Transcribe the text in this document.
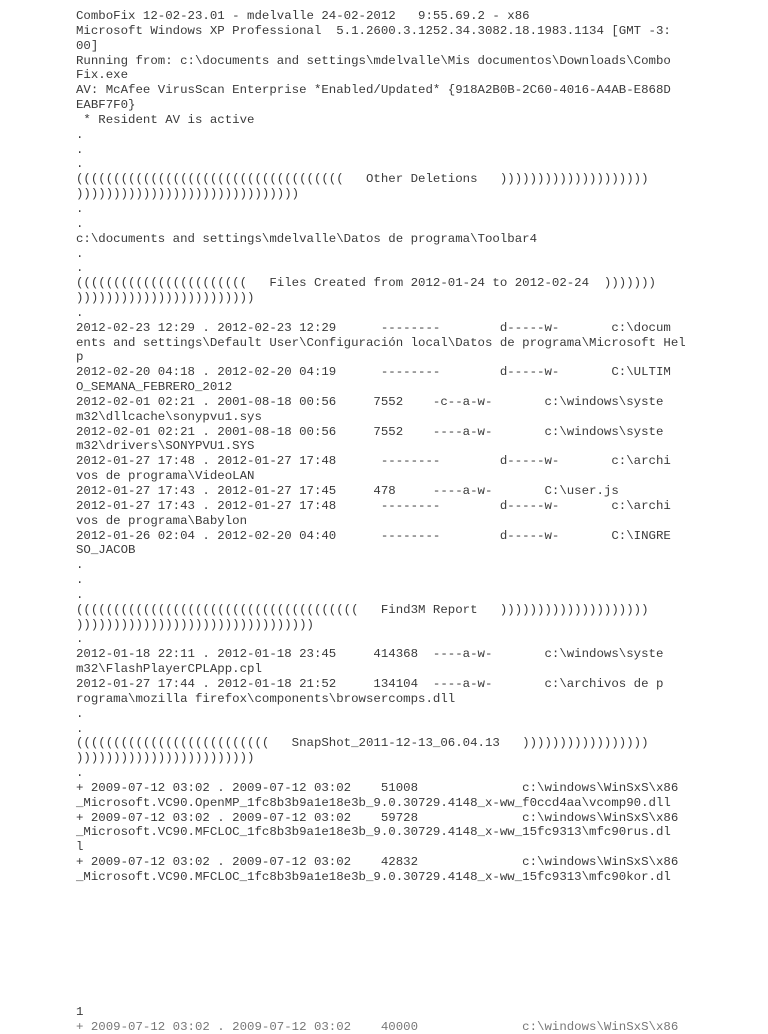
ComboFix 12-02-23.01 - mdelvalle 24-02-2012   9:55.69.2 - x86
Microsoft Windows XP Professional  5.1.2600.3.1252.34.3082.18.1983.1134 [GMT -3:
00]
Running from: c:\documents and settings\mdelvalle\Mis documentos\Downloads\Combo
Fix.exe
AV: McAfee VirusScan Enterprise *Enabled/Updated* {918A2B0B-2C60-4016-A4AB-E868D
EABF7F0}
* Resident AV is active
.
.
.
((((((((((((((((((((((((((((((((((((   Other Deletions   ))))))))))))))))))))
))))))))))))))))))))))))))))))
.
.
c:\documents and settings\mdelvalle\Datos de programa\Toolbar4
.
.
(((((((((((((((((((((((   Files Created from 2012-01-24 to 2012-02-24  )))))))
))))))))))))))))))))))))
.
2012-02-23 12:29 . 2012-02-23 12:29      --------        d-----w-       c:\docum
ents and settings\Default User\Configuración local\Datos de programa\Microsoft Hel
p
2012-02-20 04:18 . 2012-02-20 04:19      --------        d-----w-       C:\ULTIM
O_SEMANA_FEBRERO_2012
2012-02-01 02:21 . 2001-08-18 00:56     7552    -c--a-w-       c:\windows\syste
m32\dllcache\sonypvu1.sys
2012-02-01 02:21 . 2001-08-18 00:56     7552    ----a-w-       c:\windows\syste
m32\drivers\SONYPVU1.SYS
2012-01-27 17:48 . 2012-01-27 17:48      --------        d-----w-       c:\archi
vos de programa\VideoLAN
2012-01-27 17:43 . 2012-01-27 17:45     478     ----a-w-       C:\user.js
2012-01-27 17:43 . 2012-01-27 17:48      --------        d-----w-       c:\archi
vos de programa\Babylon
2012-01-26 02:04 . 2012-02-20 04:40      --------        d-----w-       C:\INGRE
SO_JACOB
.
.
.
((((((((((((((((((((((((((((((((((((((   Find3M Report   ))))))))))))))))))))
))))))))))))))))))))))))))))))))
.
2012-01-18 22:11 . 2012-01-18 23:45     414368  ----a-w-       c:\windows\syste
m32\FlashPlayerCPLApp.cpl
2012-01-27 17:44 . 2012-01-18 21:52     134104  ----a-w-       c:\archivos de p
rograma\mozilla firefox\components\browsercomps.dll
.
.
((((((((((((((((((((((((((   SnapShot_2011-12-13_06.04.13   )))))))))))))))))
))))))))))))))))))))))))
.
+ 2009-07-12 03:02 . 2009-07-12 03:02    51008              c:\windows\WinSxS\x86
_Microsoft.VC90.OpenMP_1fc8b3b9a1e18e3b_9.0.30729.4148_x-ww_f0ccd4aa\vcomp90.dll
+ 2009-07-12 03:02 . 2009-07-12 03:02    59728              c:\windows\WinSxS\x86
_Microsoft.VC90.MFCLOC_1fc8b3b9a1e18e3b_9.0.30729.4148_x-ww_15fc9313\mfc90rus.dl
l
+ 2009-07-12 03:02 . 2009-07-12 03:02    42832              c:\windows\WinSxS\x86
_Microsoft.VC90.MFCLOC_1fc8b3b9a1e18e3b_9.0.30729.4148_x-ww_15fc9313\mfc90kor.dl
1
+ 2009-07-12 03:02 . 2009-07-12 03:02    40000              c:\windows\WinSxS\x86
